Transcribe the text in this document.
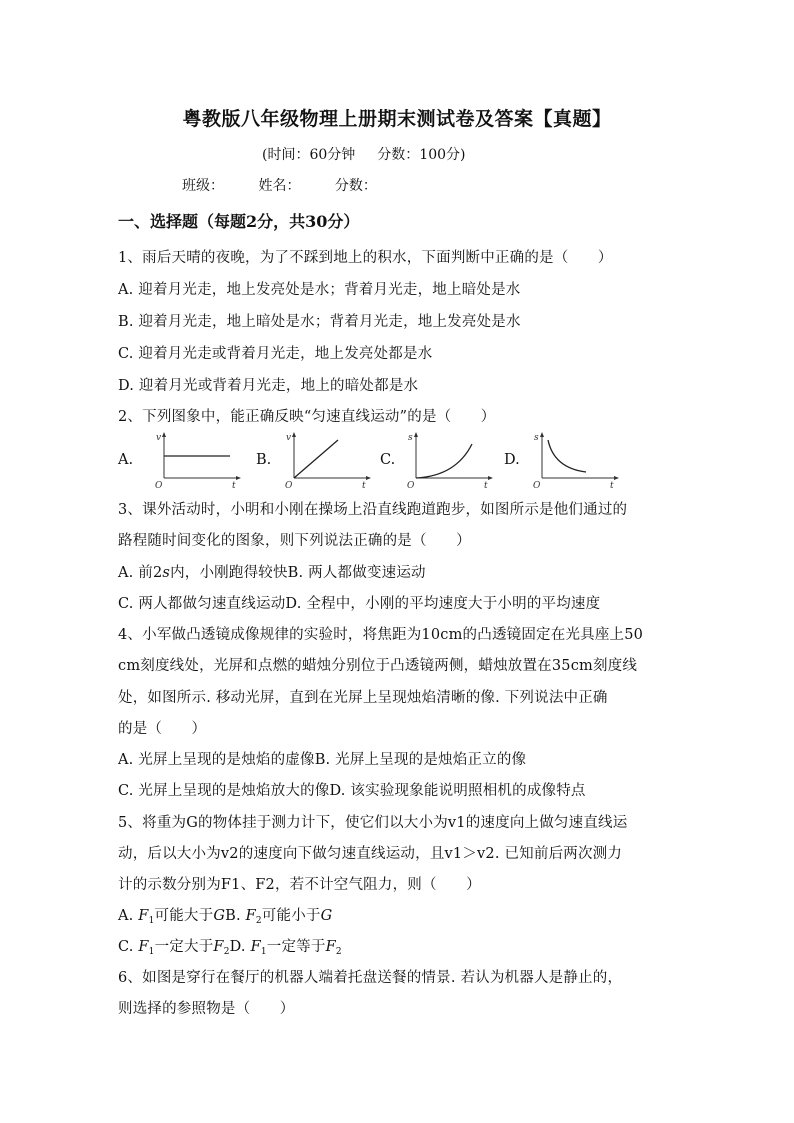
粤教版八年级物理上册期末测试卷及答案【真题】
(时间：60分钟 分数：100分)
班级： 姓名： 分数：
一、选择题（每题2分，共30分）
1、雨后天晴的夜晚，为了不踩到地上的积水，下面判断中正确的是（　　）
A. 迎着月光走，地上发亮处是水；背着月光走，地上暗处是水
B. 迎着月光走，地上暗处是水；背着月光走，地上发亮处是水
C. 迎着月光走或背着月光走，地上发亮处都是水
D. 迎着月光或背着月光走，地上的暗处都是水
2、下列图象中，能正确反映“匀速直线运动”的是（　　）
A.
v
t
O
B.
v
t
O
C.
s
t
O
D.
s
t
O
3、课外活动时，小明和小刚在操场上沿直线跑道跑步，如图所示是他们通过的
路程随时间变化的图象，则下列说法正确的是（　　）
A. 前2s内，小刚跑得较快B. 两人都做变速运动
C. 两人都做匀速直线运动D. 全程中，小刚的平均速度大于小明的平均速度
4、小军做凸透镜成像规律的实验时，将焦距为10cm的凸透镜固定在光具座上50
cm刻度线处，光屏和点燃的蜡烛分别位于凸透镜两侧，蜡烛放置在35cm刻度线
处，如图所示. 移动光屏，直到在光屏上呈现烛焰清晰的像. 下列说法中正确
的是（　　）
A. 光屏上呈现的是烛焰的虚像B. 光屏上呈现的是烛焰正立的像
C. 光屏上呈现的是烛焰放大的像D. 该实验现象能说明照相机的成像特点
5、将重为G的物体挂于测力计下，使它们以大小为v1的速度向上做匀速直线运
动，后以大小为v2的速度向下做匀速直线运动，且v1＞v2. 已知前后两次测力
计的示数分别为F1、F2，若不计空气阻力，则（　　）
A. $F_1$可能大于GB. $F_2$可能小于G
C. $F_1$一定大于$F_2D$. $F_1$一定等于$F_2$
6、如图是穿行在餐厅的机器人端着托盘送餐的情景. 若认为机器人是静止的，
则选择的参照物是（　　）
